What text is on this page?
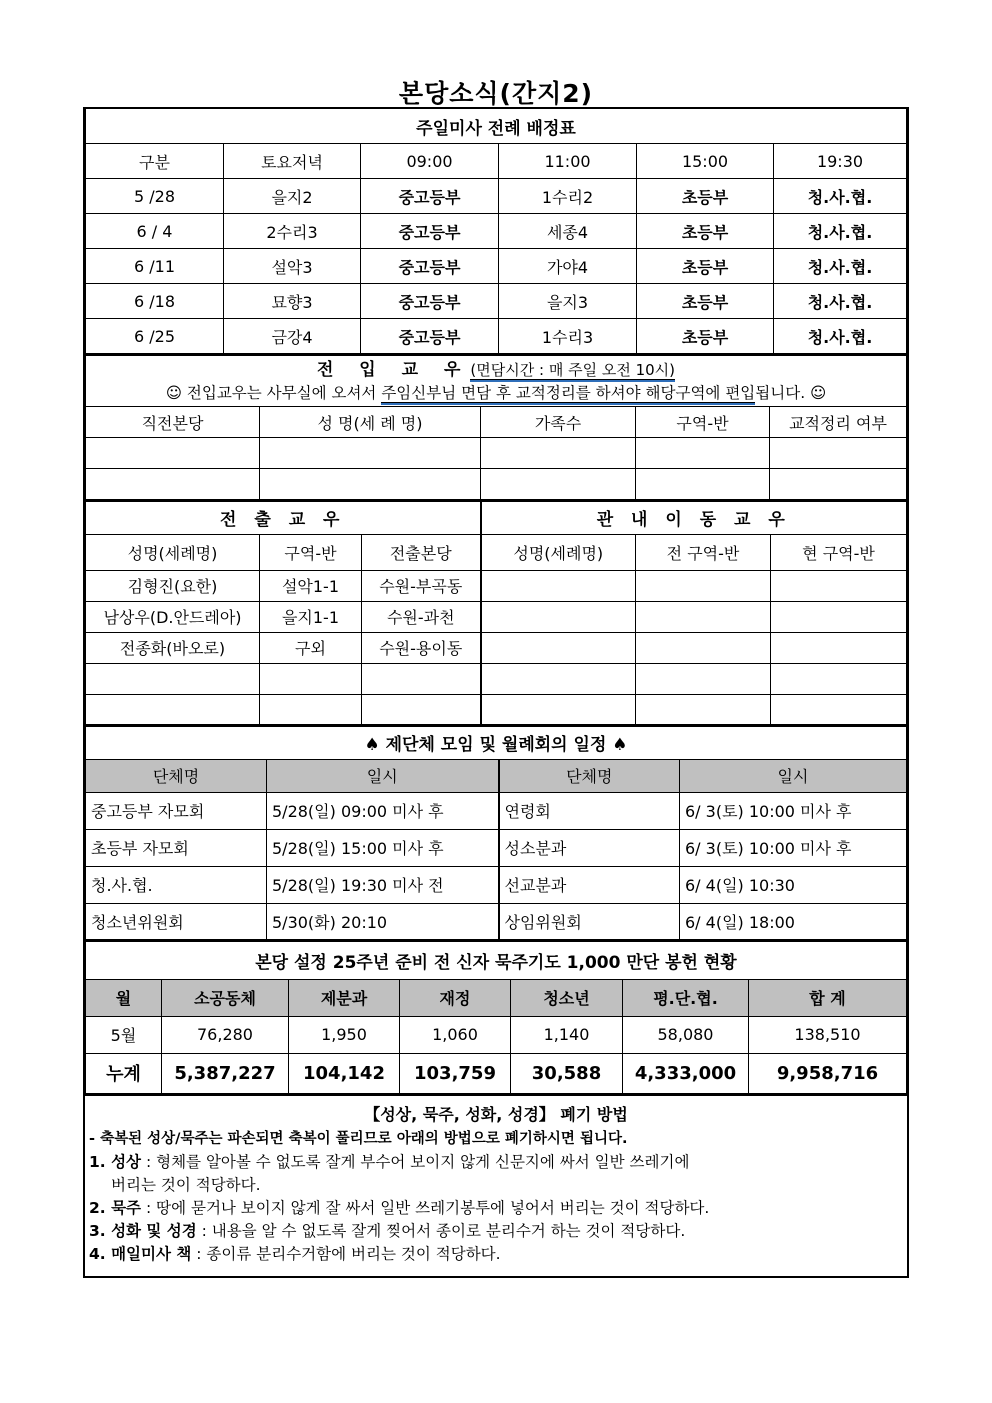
본당소식(간지2)
주일미사 전례 배정표					
구분	토요저녁	09:00	11:00	15:00	19:30
5 /28	을지2	중고등부	1수리2	초등부	청.사.협.
6 / 4	2수리3	중고등부	세종4	초등부	청.사.협.
6 /11	설악3	중고등부	가야4	초등부	청.사.협.
6 /18	묘향3	중고등부	을지3	초등부	청.사.협.
6 /25	금강4	중고등부	1수리3	초등부	청.사.협.
전 입 교 우(면담시간 : 매 주일 오전 10시)
☺ 전입교우는 사무실에 오셔서 주임신부님 면담 후 교적정리를 하셔야 해당구역에 편입됩니다. ☺				

직전본당	성 명(세 례 명)	가족수	구역-반	교적정리 여부

전 출 교 우			관 내 이 동 교 우		
성명(세례명)	구역-반	전출본당	성명(세례명)	전 구역-반	현 구역-반
김형진(요한)	설악1-1	수원-부곡동			
남상우(D.안드레아)	을지1-1	수원-과천			
전종화(바오로)	구외	수원-용이동			

♠ 제단체 모임 및 월례회의 일정 ♠			
단체명	일시	단체명	일시
중고등부 자모회	5/28(일) 09:00 미사 후	연령회	6/ 3(토) 10:00 미사 후
초등부 자모회	5/28(일) 15:00 미사 후	성소분과	6/ 3(토) 10:00 미사 후
청.사.협.	5/28(일) 19:30 미사 전	선교분과	6/ 4(일) 10:30
청소년위원회	5/30(화) 20:10	상임위원회	6/ 4(일) 18:00
본당 설정 25주년 준비 전 신자 묵주기도 1,000 만단 봉헌 현황						
월	소공동체	제분과	재정	청소년	평.단.협.	합 계
5월	76,280	1,950	1,060	1,140	58,080	138,510
누계	5,387,227	104,142	103,759	30,588	4,333,000	9,958,716
【성상, 묵주, 성화, 성경】 폐기 방법
- 축복된 성상/묵주는 파손되면 축복이 풀리므로 아래의 방법으로 폐기하시면 됩니다.
1. 성상 : 형체를 알아볼 수 없도록 잘게 부수어 보이지 않게 신문지에 싸서 일반 쓰레기에
버리는 것이 적당하다.
2. 묵주 : 땅에 묻거나 보이지 않게 잘 싸서 일반 쓰레기봉투에 넣어서 버리는 것이 적당하다.
3. 성화 및 성경 : 내용을 알 수 없도록 잘게 찢어서 종이로 분리수거 하는 것이 적당하다.
4. 매일미사 책 : 종이류 분리수거함에 버리는 것이 적당하다.
